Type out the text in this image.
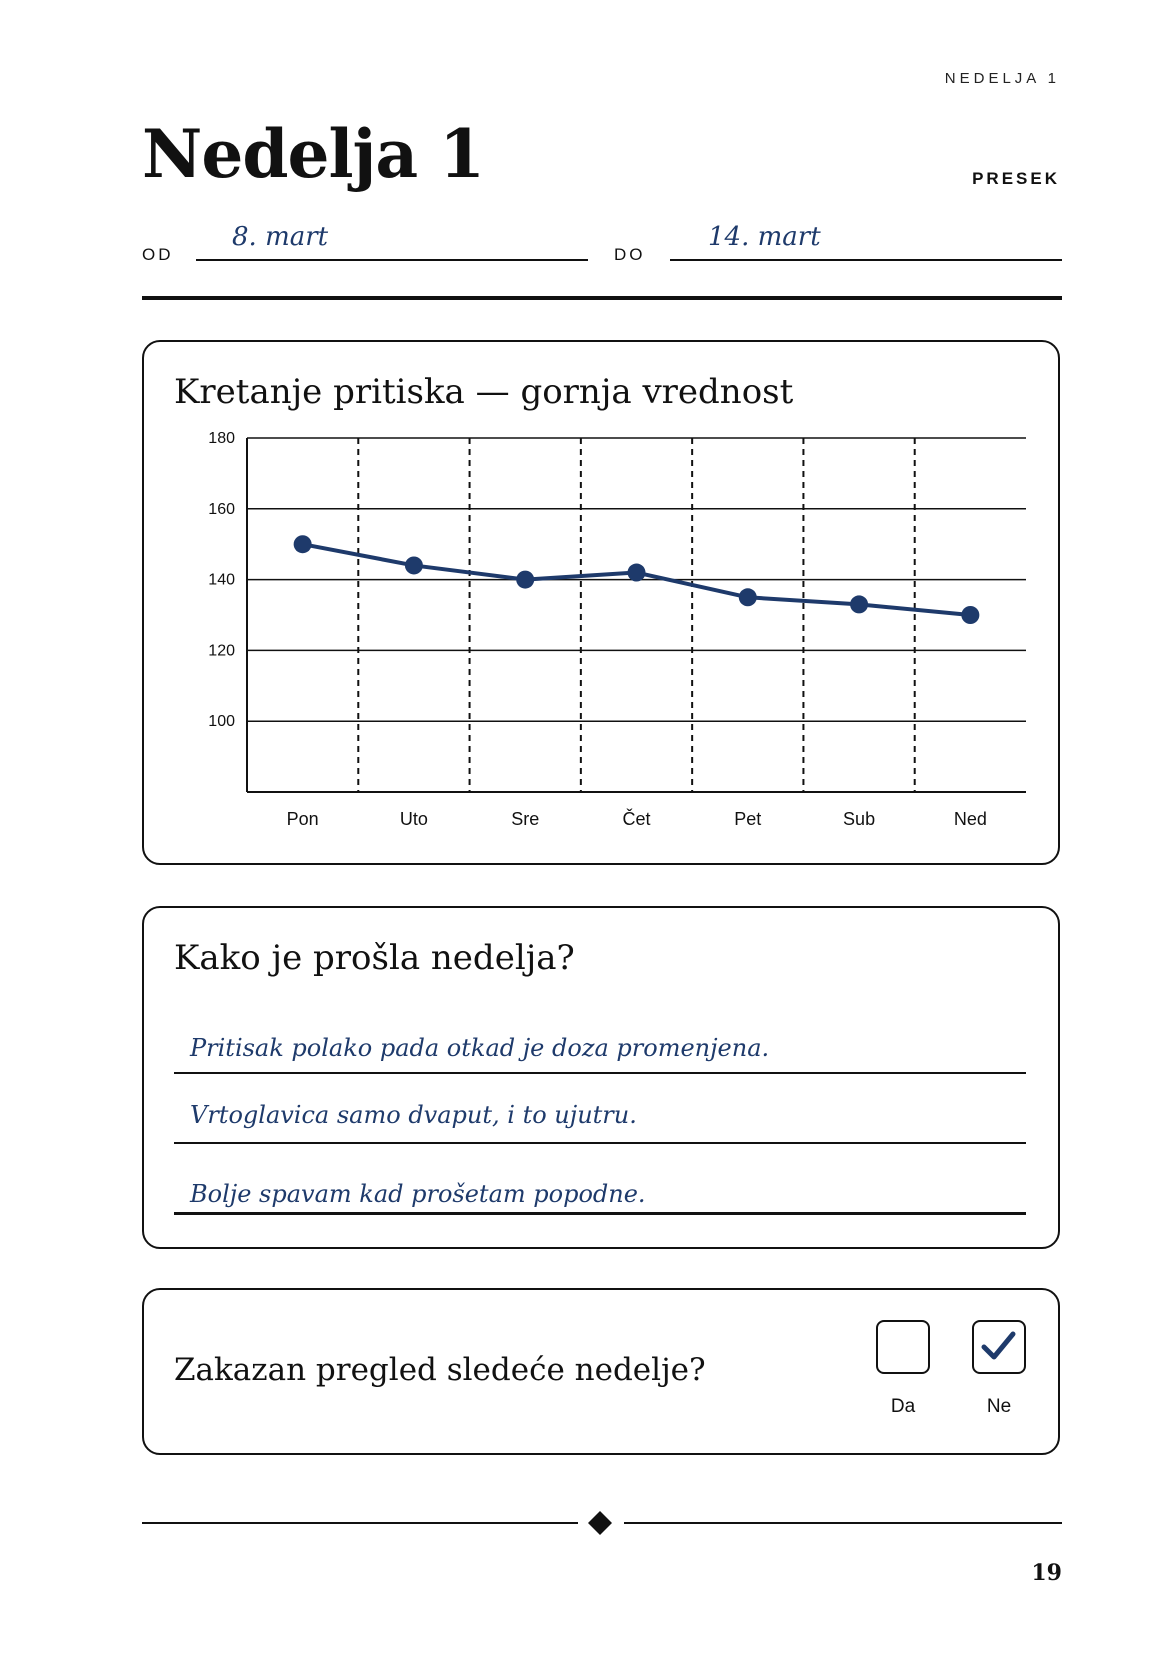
NEDELJA 1
Nedelja 1	PRESEK
OD
8. mart
DO
14. mart
Kretanje pritiska — gornja vrednost
180
160
140
120
100
Pon	Uto	Sre	Čet	Pet	Sub	Ned
Kako je prošla nedelja?
Pritisak polako pada otkad je doza promenjena.
Vrtoglavica samo dvaput, i to ujutru.
Bolje spavam kad prošetam popodne.
Zakazan pregled sledeće nedelje?
Da	Ne
19
